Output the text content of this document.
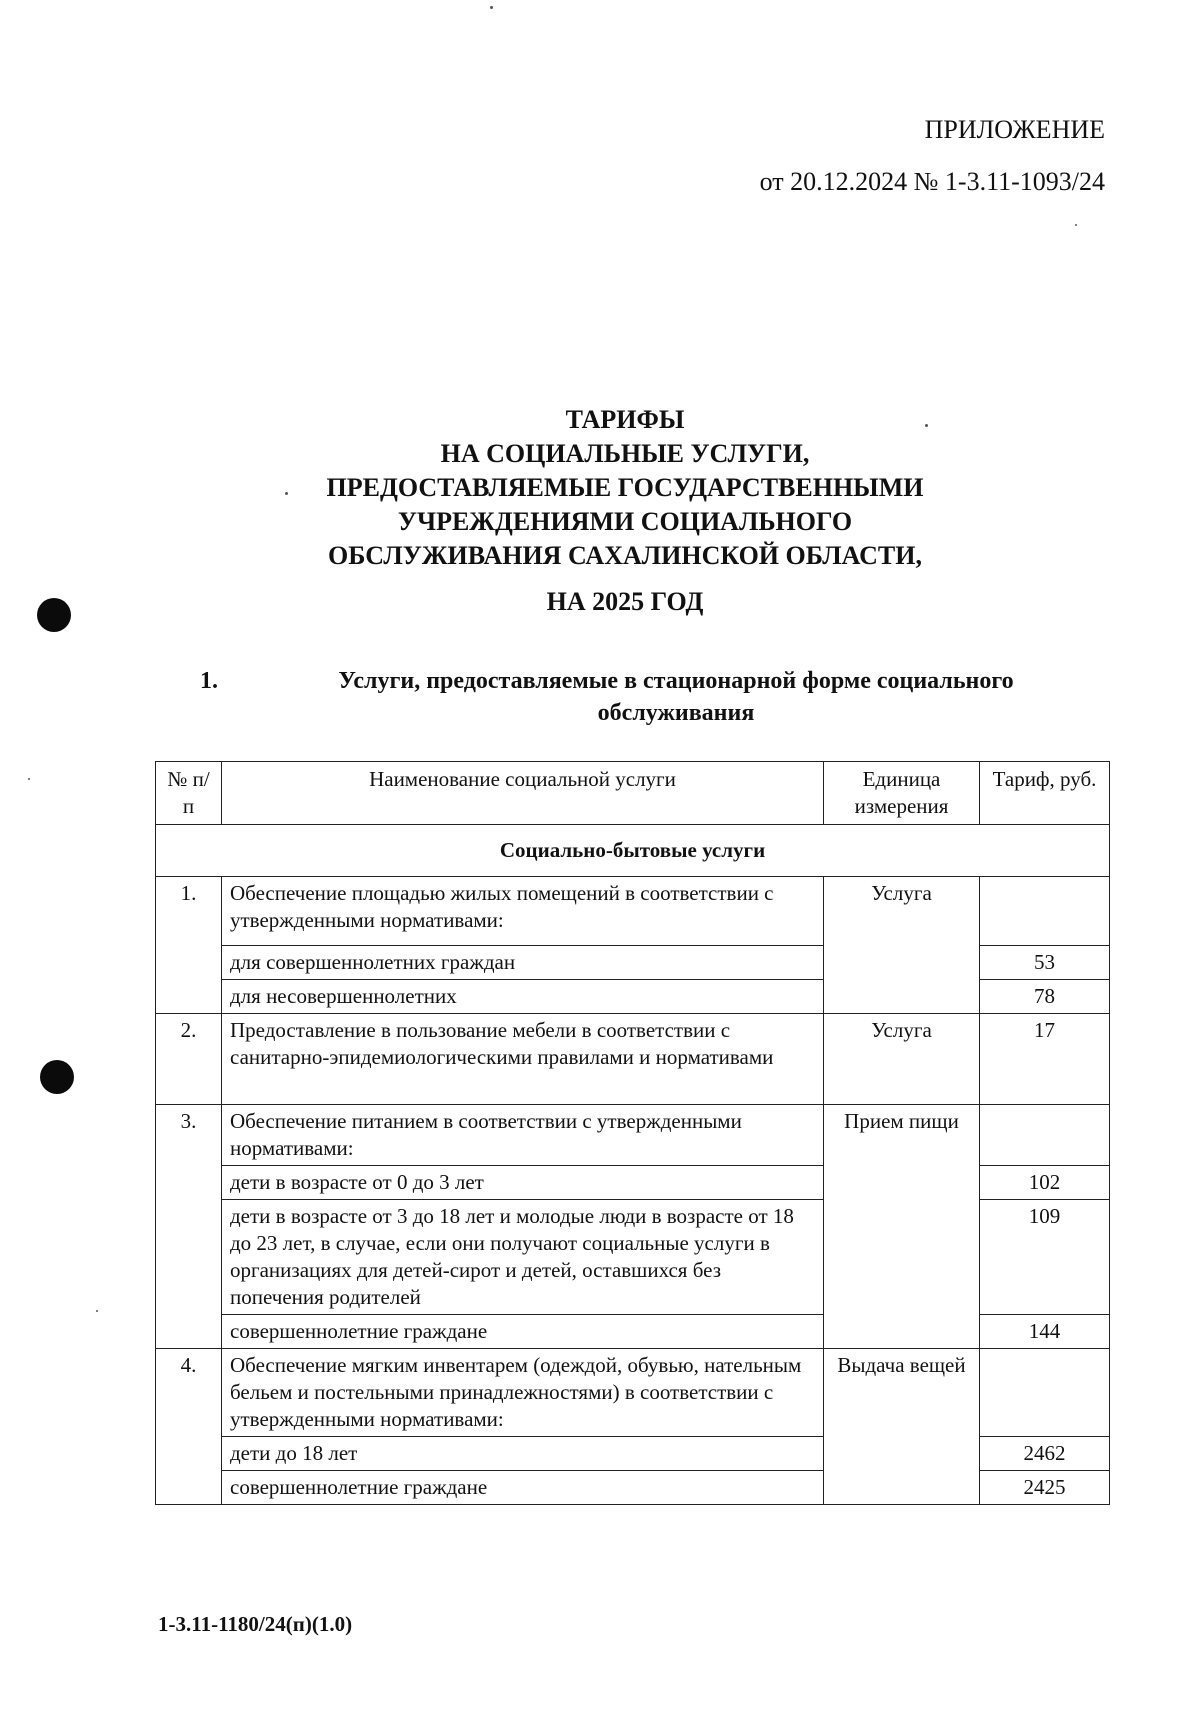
ПРИЛОЖЕНИЕ
от 20.12.2024 № 1-3.11-1093/24
ТАРИФЫ
НА СОЦИАЛЬНЫЕ УСЛУГИ,
ПРЕДОСТАВЛЯЕМЫЕ ГОСУДАРСТВЕННЫМИ
УЧРЕЖДЕНИЯМИ СОЦИАЛЬНОГО
ОБСЛУЖИВАНИЯ САХАЛИНСКОЙ ОБЛАСТИ,
НА 2025 ГОД
1.	Услуги, предоставляемые в стационарной форме социального обслуживания
№ п/п	Наименование социальной услуги	Единица измерения	Тариф, руб.
Социально-бытовые услуги			
1.	Обеспечение площадью жилых помещений в соответствии с утвержденными нормативами:	Услуга	
	для совершеннолетних граждан		53
	для несовершеннолетних		78
2.	Предоставление в пользование мебели в соответствии с санитарно-эпидемиологическими правилами и нормативами	Услуга	17
3.	Обеспечение питанием в соответствии с утвержденными нормативами:	Прием пищи	
	дети в возрасте от 0 до 3 лет		102
	дети в возрасте от 3 до 18 лет и молодые люди в возрасте от 18 до 23 лет, в случае, если они получают социальные услуги в организациях для детей-сирот и детей, оставшихся без попечения родителей		109
	совершеннолетние граждане		144
4.	Обеспечение мягким инвентарем (одеждой, обувью, нательным бельем и постельными принадлежностями) в соответствии с утвержденными нормативами:	Выдача вещей	
	дети до 18 лет		2462
	совершеннолетние граждане		2425
1-3.11-1180/24(п)(1.0)
